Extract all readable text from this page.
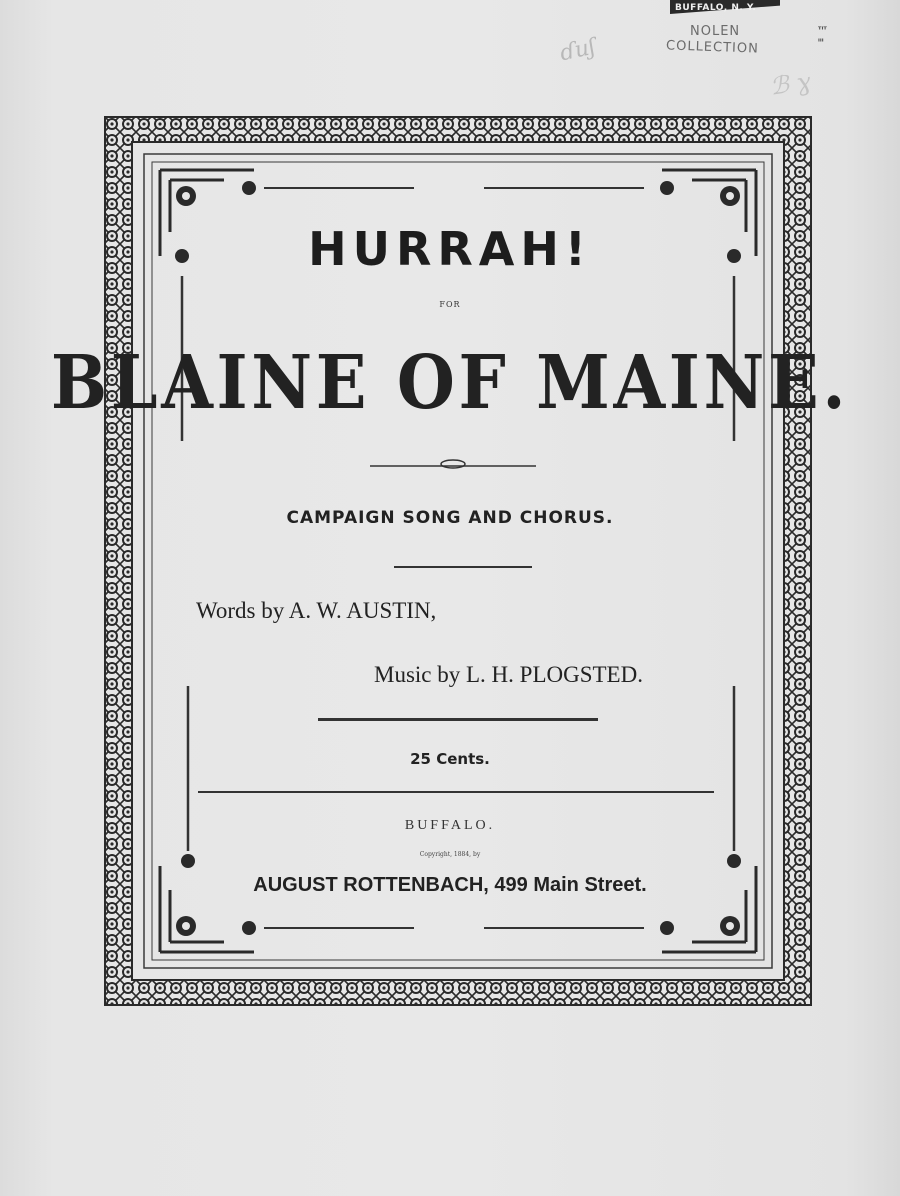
BUFFALO, N. Y.
NOLEN
COLLECTION
ɗuʃ
ℬ ɣ
ᵀᴵᵀ
ᴵᴵᴵ
HURRAH!
FOR
BLAINE OF MAINE.
CAMPAIGN SONG AND CHORUS.
Words by A. W. AUSTIN,
Music by L. H. PLOGSTED.
25 Cents.
BUFFALO.
Copyright, 1884, by
AUGUST ROTTENBACH, 499 Main Street.
